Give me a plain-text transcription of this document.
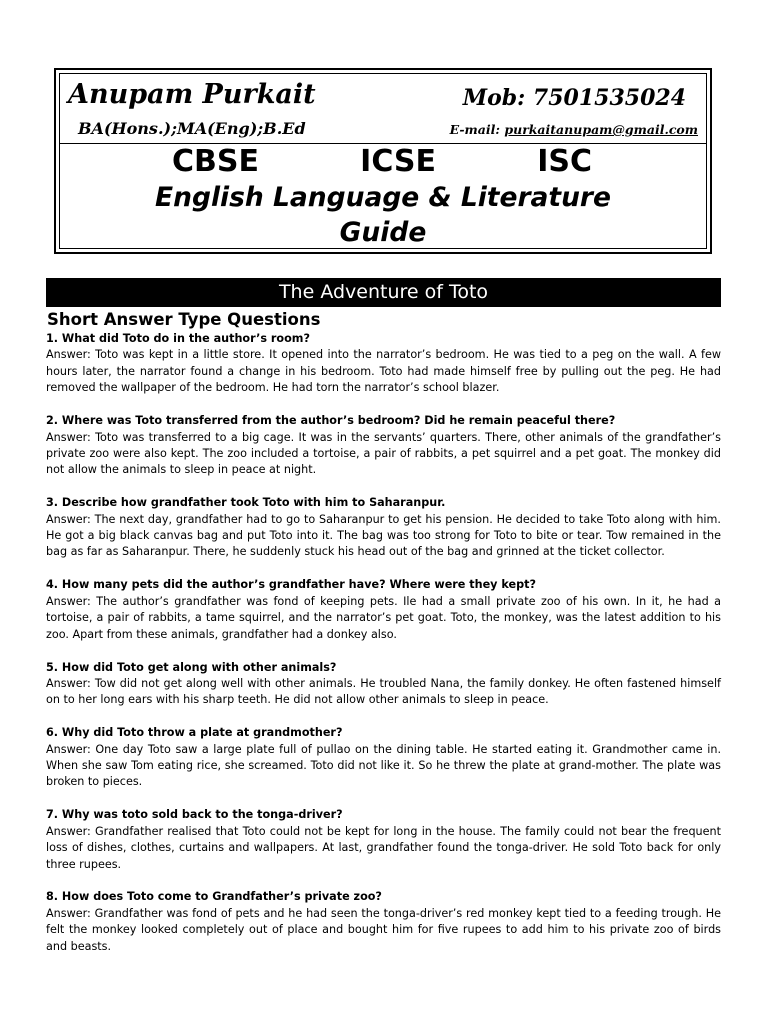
Anupam Purkait	Mob: 7501535024
BA(Hons.);MA(Eng);B.Ed	E-mail: purkaitanupam@gmail.com
CBSE	ICSE	ISC
English Language & Literature
Guide
The Adventure of Toto
Short Answer Type Questions
1. What did Toto do in the author’s room?
Answer: Toto was kept in a little store. It opened into the narrator’s bedroom. He was tied to a peg on the wall. A few hours later, the narrator found a change in his bedroom. Toto had made himself free by pulling out the peg. He had removed the wallpaper of the bedroom. He had torn the narrator’s school blazer.
2. Where was Toto transferred from the author’s bedroom? Did he remain peaceful there?
Answer: Toto was transferred to a big cage. It was in the servants’ quarters. There, other animals of the grandfather’s private zoo were also kept. The zoo included a tortoise, a pair of rabbits, a pet squirrel and a pet goat. The monkey did not allow the animals to sleep in peace at night.
3. Describe how grandfather took Toto with him to Saharanpur.
Answer: The next day, grandfather had to go to Saharanpur to get his pension. He decided to take Toto along with him. He got a big black canvas bag and put Toto into it. The bag was too strong for Toto to bite or tear. Tow remained in the bag as far as Saharanpur. There, he suddenly stuck his head out of the bag and grinned at the ticket collector.
4. How many pets did the author’s grandfather have? Where were they kept?
Answer: The author’s grandfather was fond of keeping pets. Ile had a small private zoo of his own. In it, he had a tortoise, a pair of rabbits, a tame squirrel, and the narrator’s pet goat. Toto, the monkey, was the latest addition to his zoo. Apart from these animals, grandfather had a donkey also.
5. How did Toto get along with other animals?
Answer: Tow did not get along well with other animals. He troubled Nana, the family donkey. He often fastened himself on to her long ears with his sharp teeth. He did not allow other animals to sleep in peace.
6. Why did Toto throw a plate at grandmother?
Answer: One day Toto saw a large plate full of pullao on the dining table. He started eating it. Grandmother came in. When she saw Tom eating rice, she screamed. Toto did not like it. So he threw the plate at grand-mother. The plate was broken to pieces.
7. Why was toto sold back to the tonga-driver?
Answer: Grandfather realised that Toto could not be kept for long in the house. The family could not bear the frequent loss of dishes, clothes, curtains and wallpapers. At last, grandfather found the tonga-driver. He sold Toto back for only three rupees.
8. How does Toto come to Grandfather’s private zoo?
Answer: Grandfather was fond of pets and he had seen the tonga-driver’s red monkey kept tied to a feeding trough. He felt the monkey looked completely out of place and bought him for five rupees to add him to his private zoo of birds and beasts.
